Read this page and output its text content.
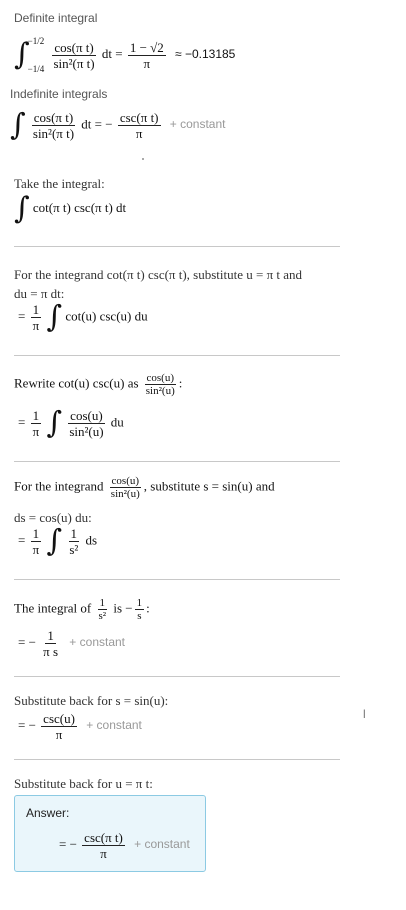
Definite integral
∫
−1/2
−1/4
$\frac{\text{cos(π t)}}{\text{sin²(π t)}}$ dt = $\frac{1 - √2}{\pi} \approx -0.13185$
Indefinite integrals
∫ $\frac{\text{cos(π t)}}{\text{sin²(π t)}}$ dt = − $\frac{\text{csc(π t)}}{\pi}$ + constant
Take the integral:
∫ cot(π t) csc(π t) dt
For the integrand cot(π t) csc(π t), substitute u = π t and
du = π dt:
= $\frac{1}{\pi}$ ∫ cot(u) csc(u) du
Rewrite cot(u) csc(u) as $\frac{\cos(u)}{\text{sin²(u)}}$ :
= $\frac{1}{\pi}$ ∫ $\frac{\cos(u)}{\text{sin²(u)}}$ du
For the integrand $\frac{\cos(u)}{\text{sin²(u)}}$ , substitute s = sin(u) and
ds = cos(u) du:
= $\frac{1}{\pi}$ ∫ $\frac{1}{\text{s²}}$ ds
The integral of $\frac{1}{\text{s²}}$ is − $\frac{1}{s}$ :
= − $\frac{1}{\text{π s}}$ + constant
Substitute back for s = sin(u):
= − $\frac{\csc(u)}{\pi}$ + constant
l
Substitute back for u = π t:
Answer:
= − $\frac{\text{csc(π t)}}{\pi}$ + constant
